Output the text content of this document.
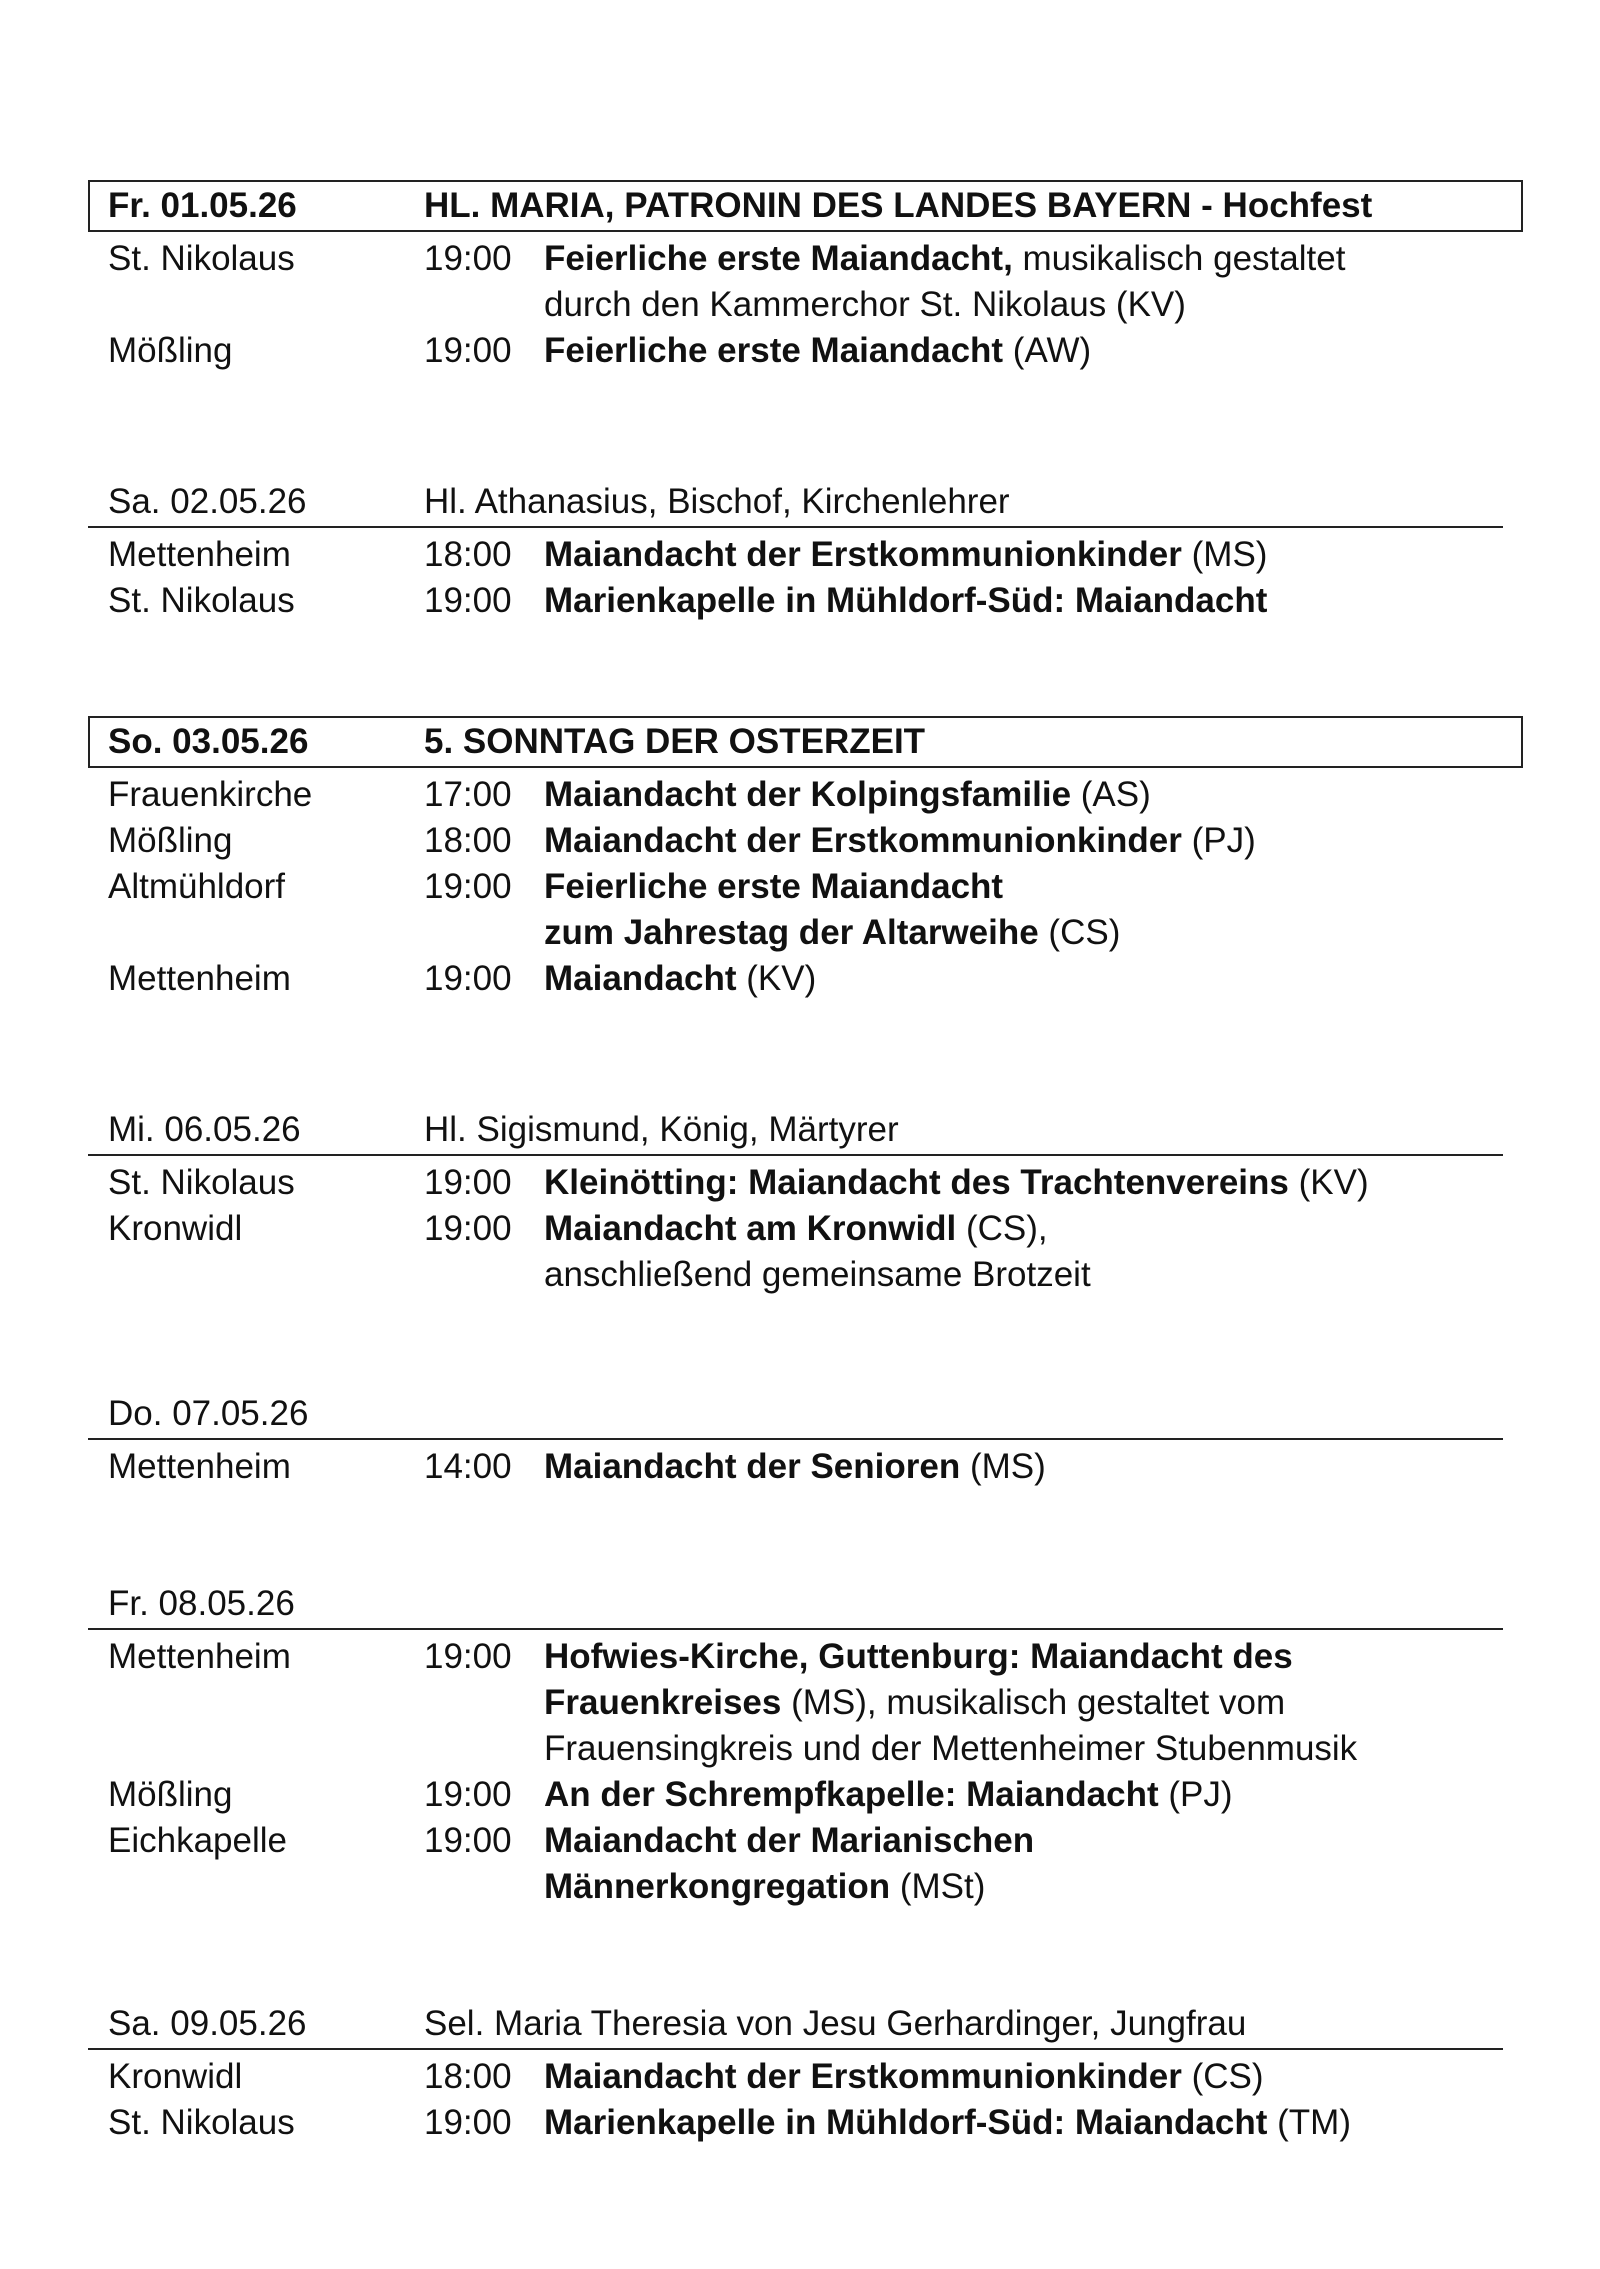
Fr. 01.05.26	HL. MARIA, PATRONIN DES LANDES BAYERN - Hochfest
St. Nikolaus	19:00 Feierliche erste Maiandacht, musikalisch gestaltet
durch den Kammerchor St. Nikolaus (KV)
Mößling	19:00 Feierliche erste Maiandacht (AW)
Sa. 02.05.26	Hl. Athanasius, Bischof, Kirchenlehrer
Mettenheim	18:00 Maiandacht der Erstkommunionkinder (MS)
St. Nikolaus	19:00 Marienkapelle in Mühldorf-Süd: Maiandacht
So. 03.05.26	5. SONNTAG DER OSTERZEIT
Frauenkirche	17:00 Maiandacht der Kolpingsfamilie (AS)
Mößling	18:00 Maiandacht der Erstkommunionkinder (PJ)
Altmühldorf	19:00 Feierliche erste Maiandacht
zum Jahrestag der Altarweihe (CS)
Mettenheim	19:00 Maiandacht (KV)
Mi. 06.05.26	Hl. Sigismund, König, Märtyrer
St. Nikolaus	19:00 Kleinötting: Maiandacht des Trachtenvereins (KV)
Kronwidl	19:00 Maiandacht am Kronwidl (CS),
anschließend gemeinsame Brotzeit
Do. 07.05.26
Mettenheim	14:00 Maiandacht der Senioren (MS)
Fr. 08.05.26
Mettenheim	19:00 Hofwies-Kirche, Guttenburg: Maiandacht des
Frauenkreises (MS), musikalisch gestaltet vom
Frauensingkreis und der Mettenheimer Stubenmusik
Mößling	19:00 An der Schrempfkapelle: Maiandacht (PJ)
Eichkapelle	19:00 Maiandacht der Marianischen
Männerkongregation (MSt)
Sa. 09.05.26	Sel. Maria Theresia von Jesu Gerhardinger, Jungfrau
Kronwidl	18:00 Maiandacht der Erstkommunionkinder (CS)
St. Nikolaus	19:00 Marienkapelle in Mühldorf-Süd: Maiandacht (TM)
